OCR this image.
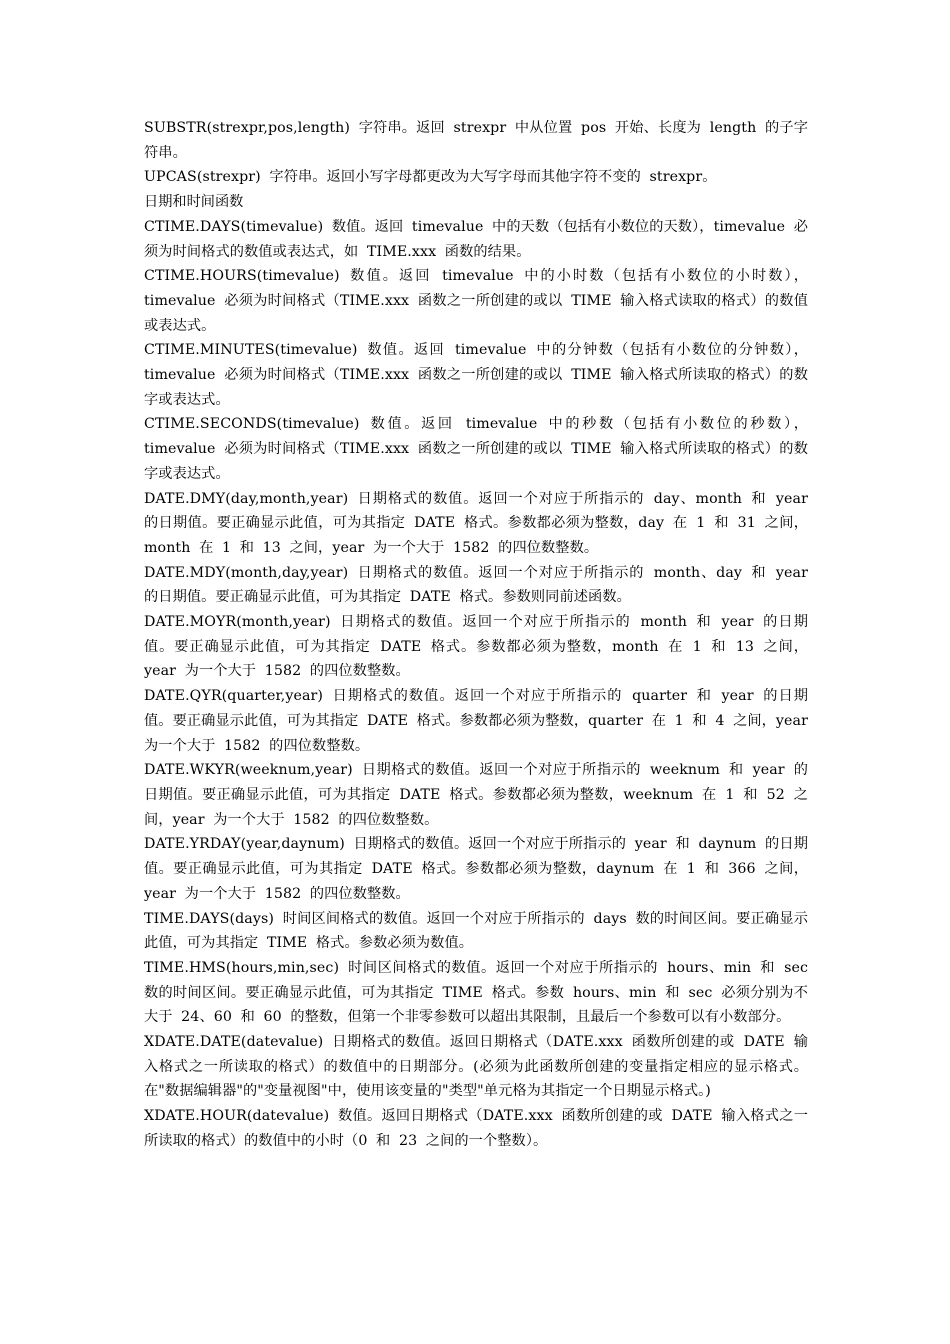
SUBSTR(strexpr,pos,length) 字符串。返回 strexpr 中从位置 pos 开始、长度为 length 的子字符串。

UPCAS(strexpr) 字符串。返回小写字母都更改为大写字母而其他字符不变的 strexpr。

日期和时间函数

CTIME.DAYS(timevalue) 数值。返回 timevalue 中的天数（包括有小数位的天数），timevalue 必须为时间格式的数值或表达式，如 TIME.xxx 函数的结果。

CTIME.HOURS(timevalue) 数值。返回 timevalue 中的小时数（包括有小数位的小时数），timevalue 必须为时间格式（TIME.xxx 函数之一所创建的或以 TIME 输入格式读取的格式）的数值或表达式。

CTIME.MINUTES(timevalue) 数值。返回 timevalue 中的分钟数（包括有小数位的分钟数），timevalue 必须为时间格式（TIME.xxx 函数之一所创建的或以 TIME 输入格式所读取的格式）的数字或表达式。

CTIME.SECONDS(timevalue) 数值。返回 timevalue 中的秒数（包括有小数位的秒数），timevalue 必须为时间格式（TIME.xxx 函数之一所创建的或以 TIME 输入格式所读取的格式）的数字或表达式。

DATE.DMY(day,month,year) 日期格式的数值。返回一个对应于所指示的 day、month 和 year 的日期值。要正确显示此值，可为其指定 DATE 格式。参数都必须为整数，day 在 1 和 31 之间，month 在 1 和 13 之间，year 为一个大于 1582 的四位数整数。

DATE.MDY(month,day,year) 日期格式的数值。返回一个对应于所指示的 month、day 和 year 的日期值。要正确显示此值，可为其指定 DATE 格式。参数则同前述函数。

DATE.MOYR(month,year) 日期格式的数值。返回一个对应于所指示的 month 和 year 的日期值。要正确显示此值，可为其指定 DATE 格式。参数都必须为整数，month 在 1 和 13 之间，year 为一个大于 1582 的四位数整数。

DATE.QYR(quarter,year) 日期格式的数值。返回一个对应于所指示的 quarter 和 year 的日期值。要正确显示此值，可为其指定 DATE 格式。参数都必须为整数，quarter 在 1 和 4 之间，year 为一个大于 1582 的四位数整数。

DATE.WKYR(weeknum,year) 日期格式的数值。返回一个对应于所指示的 weeknum 和 year 的日期值。要正确显示此值，可为其指定 DATE 格式。参数都必须为整数，weeknum 在 1 和 52 之间，year 为一个大于 1582 的四位数整数。

DATE.YRDAY(year,daynum) 日期格式的数值。返回一个对应于所指示的 year 和 daynum 的日期值。要正确显示此值，可为其指定 DATE 格式。参数都必须为整数，daynum 在 1 和 366 之间，year 为一个大于 1582 的四位数整数。

TIME.DAYS(days) 时间区间格式的数值。返回一个对应于所指示的 days 数的时间区间。要正确显示此值，可为其指定 TIME 格式。参数必须为数值。

TIME.HMS(hours,min,sec) 时间区间格式的数值。返回一个对应于所指示的 hours、min 和 sec 数的时间区间。要正确显示此值，可为其指定 TIME 格式。参数 hours、min 和 sec 必须分别为不大于 24、60 和 60 的整数，但第一个非零参数可以超出其限制，且最后一个参数可以有小数部分。

XDATE.DATE(datevalue) 日期格式的数值。返回日期格式（DATE.xxx 函数所创建的或 DATE 输入格式之一所读取的格式）的数值中的日期部分。(必须为此函数所创建的变量指定相应的显示格式。在"数据编辑器"的"变量视图"中，使用该变量的"类型"单元格为其指定一个日期显示格式。)

XDATE.HOUR(datevalue) 数值。返回日期格式（DATE.xxx 函数所创建的或 DATE 输入格式之一所读取的格式）的数值中的小时（0 和 23 之间的一个整数）。
